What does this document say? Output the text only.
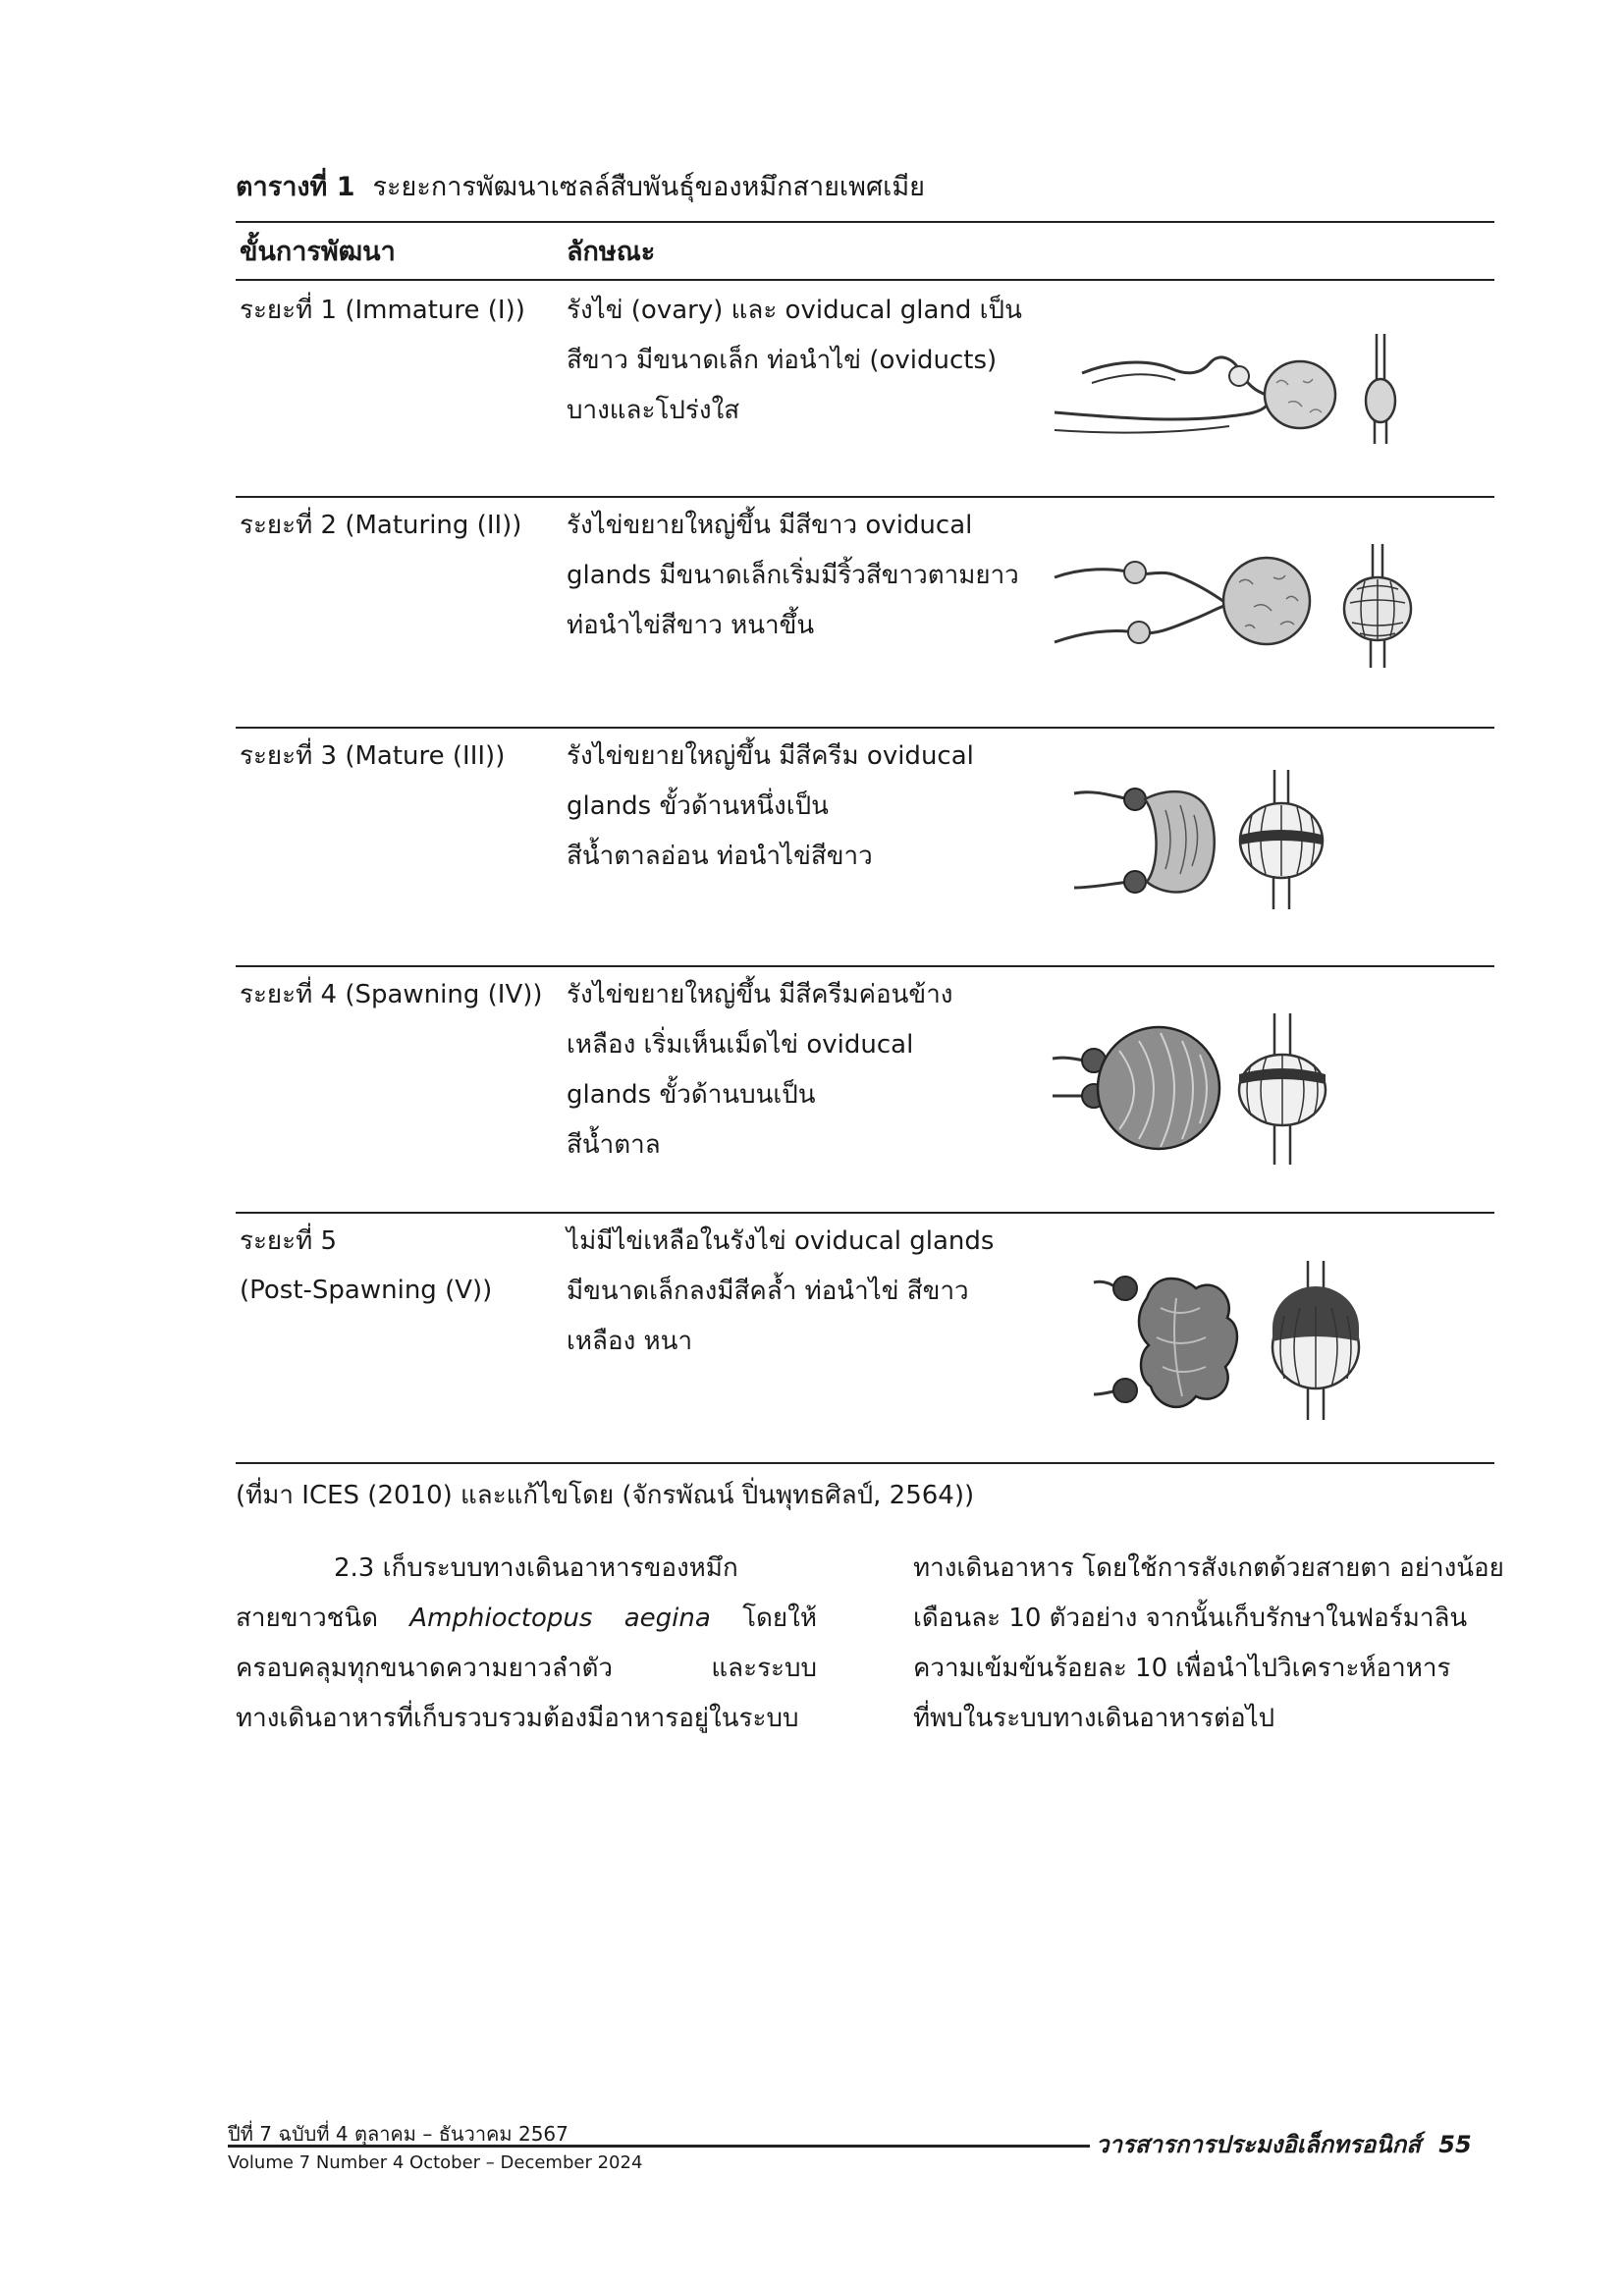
ตารางที่ 1 ระยะการพัฒนาเซลล์สืบพันธุ์ของหมึกสายเพศเมีย
ขั้นการพัฒนา	ลักษณะ
ระยะที่ 1 (Immature (I)) รังไข่ (ovary) และ oviducal gland เป็น
สีขาว มีขนาดเล็ก ท่อนำไข่ (oviducts)
บางและโปร่งใส
ระยะที่ 2 (Maturing (II)) รังไข่ขยายใหญ่ขึ้น มีสีขาว oviducal
glands มีขนาดเล็กเริ่มมีริ้วสีขาวตามยาว
ท่อนำไข่สีขาว หนาขึ้น
ระยะที่ 3 (Mature (III)) รังไข่ขยายใหญ่ขึ้น มีสีครีม oviducal
glands ขั้วด้านหนึ่งเป็น
สีน้ำตาลอ่อน ท่อนำไข่สีขาว
ระยะที่ 4 (Spawning (IV)) รังไข่ขยายใหญ่ขึ้น มีสีครีมค่อนข้าง
เหลือง เริ่มเห็นเม็ดไข่ oviducal
glands ขั้วด้านบนเป็น
สีน้ำตาล
ระยะที่ 5
(Post-Spawning (V))
ไม่มีไข่เหลือในรังไข่ oviducal glands
มีขนาดเล็กลงมีสีคล้ำ ท่อนำไข่ สีขาว
เหลือง หนา
(ที่มา ICES (2010) และแก้ไขโดย (จักรพัณน์ ปิ่นพุทธศิลป์, 2564))
2.3 เก็บระบบทางเดินอาหารของหมึก
สายขาวชนิด Amphioctopus aegina โดยให้
ครอบคลุมทุกขนาดความยาวลำตัว และระบบ
ทางเดินอาหารที่เก็บรวบรวมต้องมีอาหารอยู่ในระบบ
ทางเดินอาหาร โดยใช้การสังเกตด้วยสายตา อย่างน้อย
เดือนละ 10 ตัวอย่าง จากนั้นเก็บรักษาในฟอร์มาลิน
ความเข้มข้นร้อยละ 10 เพื่อนำไปวิเคราะห์อาหาร
ที่พบในระบบทางเดินอาหารต่อไป
ปีที่ 7 ฉบับที่ 4 ตุลาคม – ธันวาคม 2567
Volume 7 Number 4 October – December 2024
วารสารการประมงอิเล็กทรอนิกส์ 55
